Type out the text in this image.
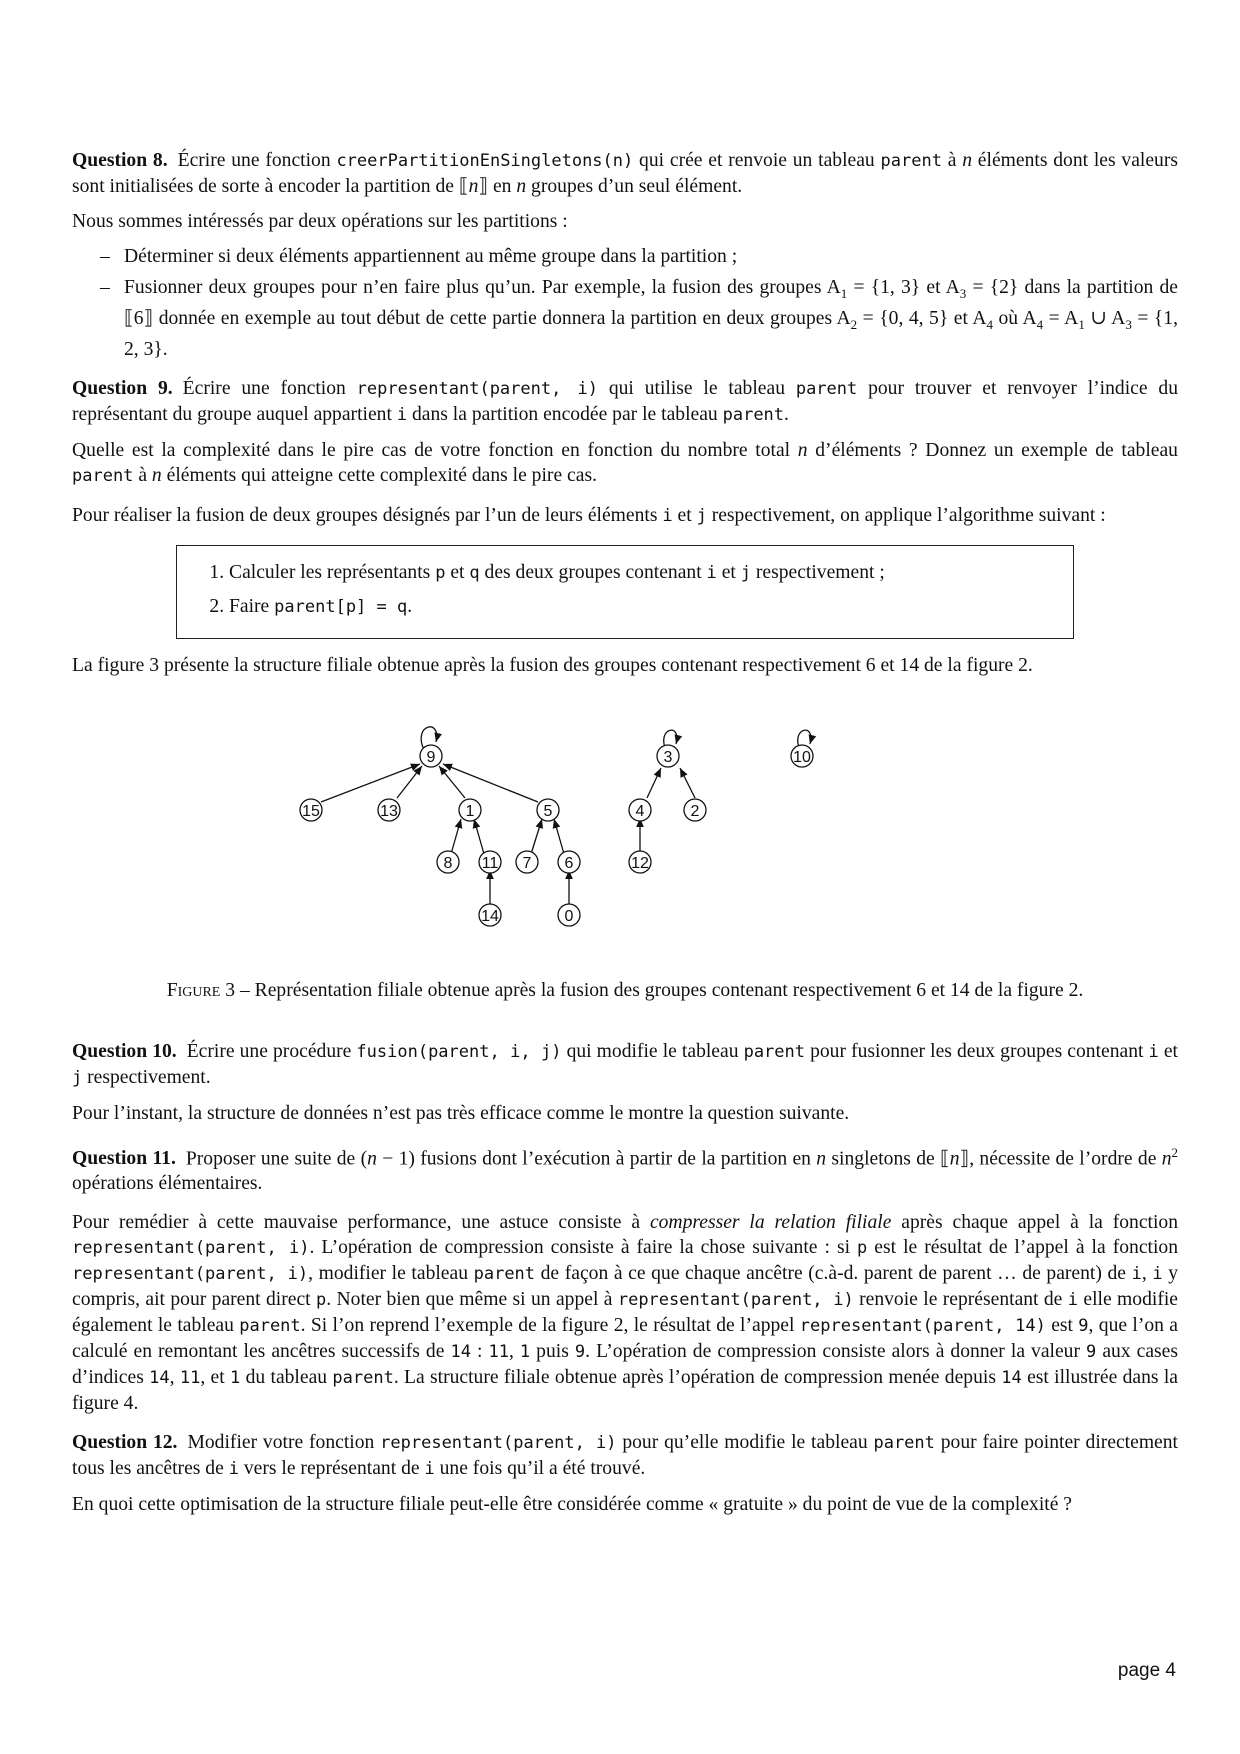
Question 8. Écrire une fonction creerPartitionEnSingletons(n) qui crée et renvoie un tableau parent à n éléments dont les valeurs sont initialisées de sorte à encoder la partition de ⟦n⟧ en n groupes d’un seul élément.

Nous sommes intéressés par deux opérations sur les partitions :

– Déterminer si deux éléments appartiennent au même groupe dans la partition ;
– Fusionner deux groupes pour n’en faire plus qu’un. Par exemple, la fusion des groupes $A_1 = \{1$, 3} et $A_3 = \{2\}$ dans la partition de ⟦6⟧ donnée en exemple au tout début de cette partie donnera la partition en deux groupes $A_2 = \{0$, 4, 5} et $A_4$ où $A_4 = A_1$ ∪ $A_3 = \{1$, 2, 3}.

Question 9. Écrire une fonction representant(parent, i) qui utilise le tableau parent pour trouver et renvoyer l’indice du représentant du groupe auquel appartient i dans la partition encodée par le tableau parent.

Quelle est la complexité dans le pire cas de votre fonction en fonction du nombre total n d’éléments ? Donnez un exemple de tableau parent à n éléments qui atteigne cette complexité dans le pire cas.

Pour réaliser la fusion de deux groupes désignés par l’un de leurs éléments i et j respectivement, on applique l’algorithme suivant :

1. Calculer les représentants p et q des deux groupes contenant i et j respectivement ;
2. Faire parent[p] = q.

La figure 3 présente la structure filiale obtenue après la fusion des groupes contenant respectivement 6 et 14 de la figure 2.

9
15	13	1	5
8 11 7 6
14	0
3
4	2
12
10

Figure 3 – Représentation filiale obtenue après la fusion des groupes contenant respectivement 6 et 14 de la figure 2.

Question 10. Écrire une procédure fusion(parent, i, j) qui modifie le tableau parent pour fusionner les deux groupes contenant i et j respectivement.

Pour l’instant, la structure de données n’est pas très efficace comme le montre la question suivante.

Question 11. Proposer une suite de (n − 1) fusions dont l’exécution à partir de la partition en n singletons de ⟦n⟧, nécessite de l’ordre de $n^2$ opérations élémentaires.

Pour remédier à cette mauvaise performance, une astuce consiste à compresser la relation filiale après chaque appel à la fonction representant(parent, i). L’opération de compression consiste à faire la chose suivante : si p est le résultat de l’appel à la fonction representant(parent, i), modifier le tableau parent de façon à ce que chaque ancêtre (c.à-d. parent de parent … de parent) de i, i y compris, ait pour parent direct p. Noter bien que même si un appel à representant(parent, i) renvoie le représentant de i elle modifie également le tableau parent. Si l’on reprend l’exemple de la figure 2, le résultat de l’appel representant(parent, 14) est 9, que l’on a calculé en remontant les ancêtres successifs de 14 : 11, 1 puis 9. L’opération de compression consiste alors à donner la valeur 9 aux cases d’indices 14, 11, et 1 du tableau parent. La structure filiale obtenue après l’opération de compression menée depuis 14 est illustrée dans la figure 4.

Question 12. Modifier votre fonction representant(parent, i) pour qu’elle modifie le tableau parent pour faire pointer directement tous les ancêtres de i vers le représentant de i une fois qu’il a été trouvé.

En quoi cette optimisation de la structure filiale peut-elle être considérée comme « gratuite » du point de vue de la complexité ?

page 4
